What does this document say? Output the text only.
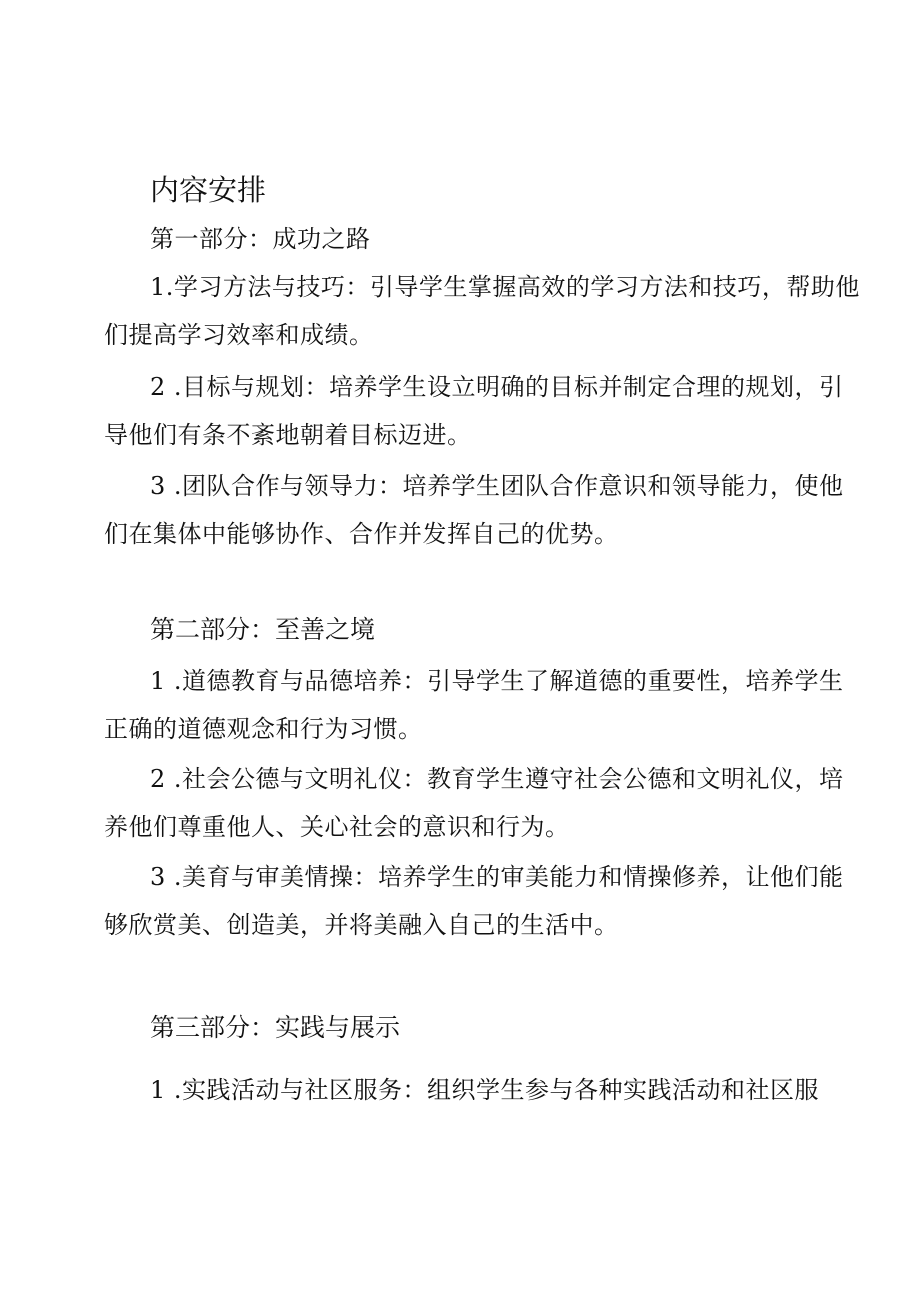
内容安排
第一部分：成功之路
1.学习方法与技巧：引导学生掌握高效的学习方法和技巧，帮助他
们提高学习效率和成绩。
2 .目标与规划：培养学生设立明确的目标并制定合理的规划，引
导他们有条不紊地朝着目标迈进。
3 .团队合作与领导力：培养学生团队合作意识和领导能力，使他
们在集体中能够协作、合作并发挥自己的优势。
第二部分：至善之境
1 .道德教育与品德培养：引导学生了解道德的重要性，培养学生
正确的道德观念和行为习惯。
2 .社会公德与文明礼仪：教育学生遵守社会公德和文明礼仪，培
养他们尊重他人、关心社会的意识和行为。
3 .美育与审美情操：培养学生的审美能力和情操修养，让他们能
够欣赏美、创造美，并将美融入自己的生活中。
第三部分：实践与展示
1 .实践活动与社区服务：组织学生参与各种实践活动和社区服
